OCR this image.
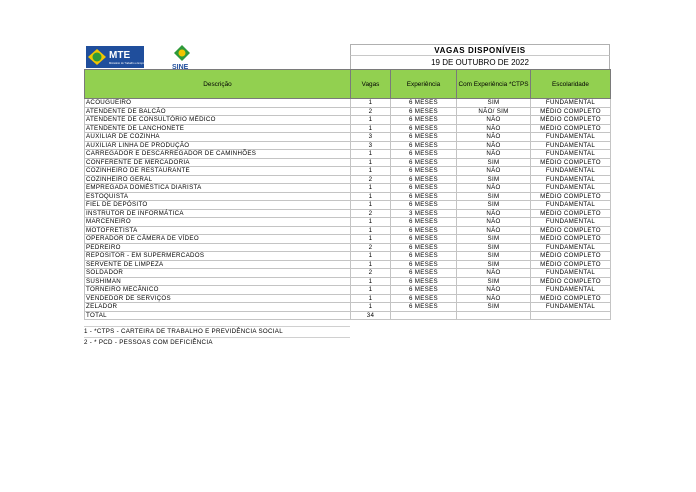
MTE
Ministério do Trabalho e Emprego
SINE
VAGAS DISPONÍVEIS
19 DE OUTUBRO DE 2022
Descrição	Vagas	Experiência	Com Experiência *CTPS	Escolaridade
ACOUGUEIRO	1	6 MESES	SIM	FUNDAMENTAL
ATENDENTE DE BALCÃO	2	6 MESES	NÃO/ SIM	MÉDIO COMPLETO
ATENDENTE DE CONSULTÓRIO MÉDICO	1	6 MESES	NÃO	MÉDIO COMPLETO
ATENDENTE DE LANCHONETE	1	6 MESES	NÃO	MÉDIO COMPLETO
AUXILIAR DE COZINHA	3	6 MESES	NÃO	FUNDAMENTAL
AUXILIAR LINHA DE PRODUÇÃO	3	6 MESES	NÃO	FUNDAMENTAL
CARREGADOR E DESCARREGADOR DE CAMINHÕES	1	6 MESES	NÃO	FUNDAMENTAL
CONFERENTE DE MERCADORIA	1	6 MESES	SIM	MÉDIO COMPLETO
COZINHEIRO DE RESTAURANTE	1	6 MESES	NÃO	FUNDAMENTAL
COZINHEIRO GERAL	2	6 MESES	SIM	FUNDAMENTAL
EMPREGADA DOMÉSTICA DIARISTA	1	6 MESES	NÃO	FUNDAMENTAL
ESTOQUISTA	1	6 MESES	SIM	MÉDIO COMPLETO
FIEL DE DEPÓSITO	1	6 MESES	SIM	FUNDAMENTAL
INSTRUTOR DE INFORMÁTICA	2	3 MESES	NÃO	MÉDIO COMPLETO
MARCENEIRO	1	6 MESES	NÃO	FUNDAMENTAL
MOTOFRETISTA	1	6 MESES	NÃO	MÉDIO COMPLETO
OPERADOR DE CÂMERA DE VÍDEO	1	6 MESES	SIM	MÉDIO COMPLETO
PEDREIRO	2	6 MESES	SIM	FUNDAMENTAL
REPOSITOR - EM SUPERMERCADOS	1	6 MESES	SIM	MÉDIO COMPLETO
SERVENTE DE LIMPEZA	1	6 MESES	SIM	MÉDIO COMPLETO
SOLDADOR	2	6 MESES	NÃO	FUNDAMENTAL
SUSHIMAN	1	6 MESES	SIM	MÉDIO COMPLETO
TORNEIRO MECÂNICO	1	6 MESES	NÃO	FUNDAMENTAL
VENDEDOR DE SERVIÇOS	1	6 MESES	NÃO	MÉDIO COMPLETO
ZELADOR	1	6 MESES	SIM	FUNDAMENTAL
TOTAL	34			
1 - *CTPS - CARTEIRA DE TRABALHO E PREVIDÊNCIA SOCIAL
2 - * PCD - PESSOAS COM DEFICIÊNCIA
